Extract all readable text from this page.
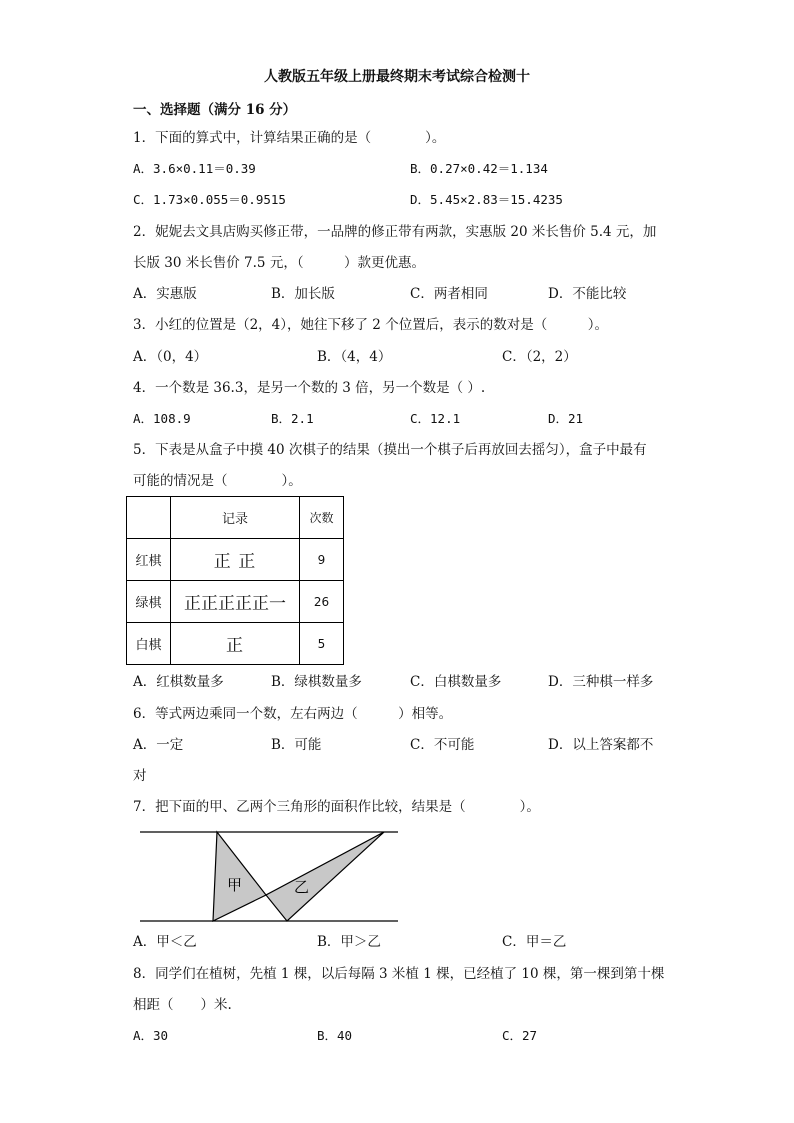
人教版五年级上册最终期末考试综合检测十
一、选择题（满分 16 分）
1．下面的算式中，计算结果正确的是（　　　　）。
A．3.6×0.11＝0.39	B．0.27×0.42＝1.134
C．1.73×0.055＝0.9515	D．5.45×2.83＝15.4235
2．妮妮去文具店购买修正带，一品牌的修正带有两款，实惠版 20 米长售价 5.4 元，加
长版 30 米长售价 7.5 元，（　　　）款更优惠。
A．实惠版	B．加长版	C．两者相同	D．不能比较
3．小红的位置是（2，4），她往下移了 2 个位置后，表示的数对是（　　　）。
A．（0，4）	B．（4，4）	C．（2，2）
4．一个数是 36.3，是另一个数的 3 倍，另一个数是（ ）.
A．108.9	B．2.1	C．12.1	D．21
5．下表是从盒子中摸 40 次棋子的结果（摸出一个棋子后再放回去摇匀），盒子中最有
可能的情况是（　　　　）。
	记录	次数
红棋	正 正	9
绿棋	正正正正正一	26
白棋	正	5
A．红棋数量多	B．绿棋数量多	C．白棋数量多	D．三种棋一样多
6．等式两边乘同一个数，左右两边（　　　）相等。
A．一定	B．可能	C．不可能	D．以上答案都不
对
7．把下面的甲、乙两个三角形的面积作比较，结果是（　　　　）。
甲	乙
A．甲＜乙	B．甲＞乙	C．甲＝乙
8．同学们在植树，先植 1 棵，以后每隔 3 米植 1 棵，已经植了 10 棵，第一棵到第十棵
相距（　　）米.
A．30	B．40	C．27
